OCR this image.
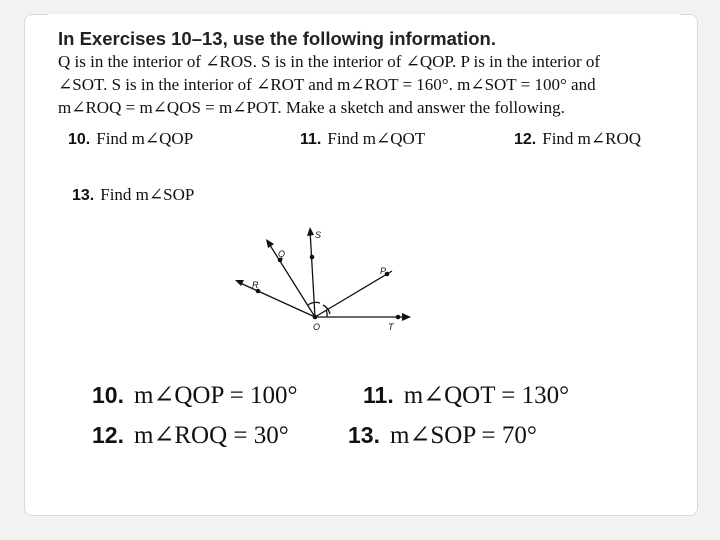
In Exercises 10–13, use the following information.
Q is in the interior of ∠ROS. S is in the interior of ∠QOP. P is in the interior of
∠SOT. S is in the interior of ∠ROT and m∠ROT = 160°. m∠SOT = 100° and
m∠ROQ = m∠QOS = m∠POT. Make a sketch and answer the following.
10. Find m∠QOP	11. Find m∠QOT	12. Find m∠ROQ
13. Find m∠SOP
S
Q
R
P
O	T
10. m∠QOP = 100°	11. m∠QOT = 130°
12. m∠ROQ = 30°	13. m∠SOP = 70°
